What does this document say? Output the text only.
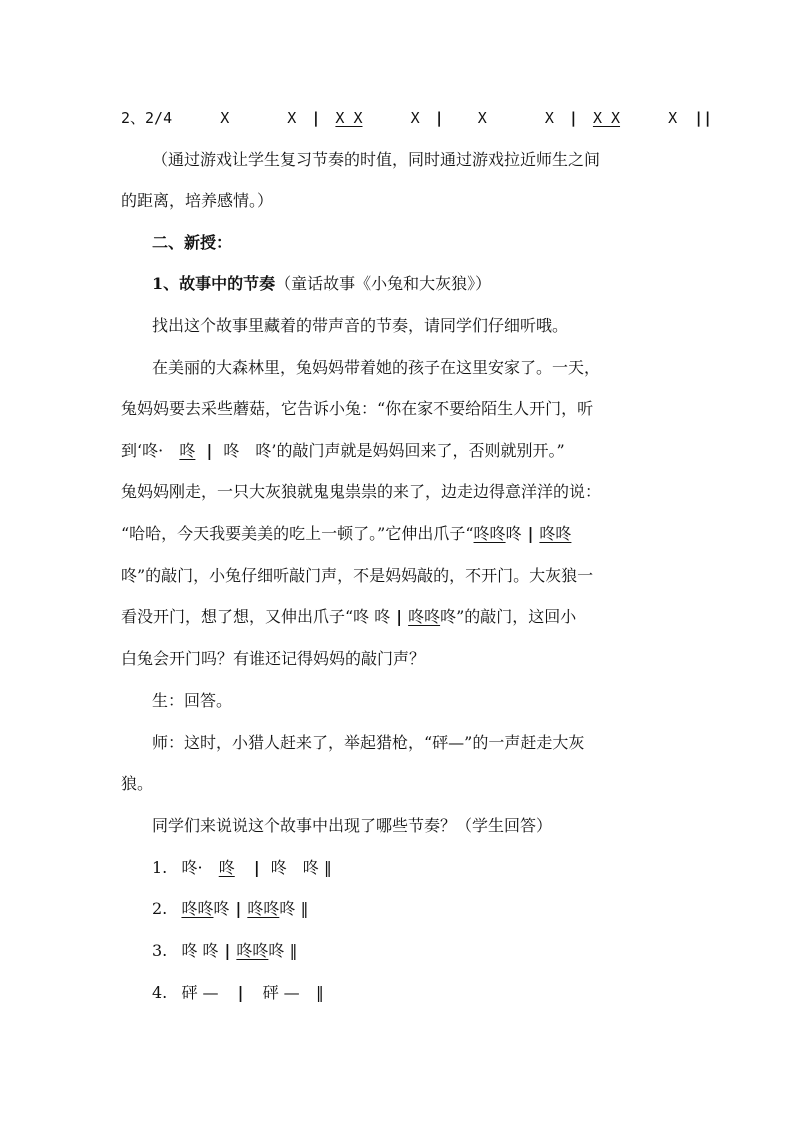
2、2/4	X	X | X X	X | X	X | X X	X ||
（通过游戏让学生复习节奏的时值，同时通过游戏拉近师生之间
的距离，培养感情。）
二、新授：
1、故事中的节奏（童话故事《小兔和大灰狼》）
找出这个故事里藏着的带声音的节奏，请同学们仔细听哦。
在美丽的大森林里，兔妈妈带着她的孩子在这里安家了。一天，
兔妈妈要去采些蘑菇，它告诉小兔：“你在家不要给陌生人开门，听
到‘咚· 咚 | 咚　咚’的敲门声就是妈妈回来了，否则就别开。”
兔妈妈刚走，一只大灰狼就鬼鬼祟祟的来了，边走边得意洋洋的说：
“哈哈，今天我要美美的吃上一顿了。”它伸出爪子“咚咚咚 | 咚咚
咚”的敲门，小兔仔细听敲门声，不是妈妈敲的，不开门。大灰狼一
看没开门，想了想，又伸出爪子“咚 咚 | 咚咚咚”的敲门，这回小
白兔会开门吗？有谁还记得妈妈的敲门声？
生：回答。
师：这时，小猎人赶来了，举起猎枪，“砰—”的一声赶走大灰
狼。
同学们来说说这个故事中出现了哪些节奏？（学生回答）
1. 咚· 咚 | 咚　咚 ‖
2. 咚咚咚 | 咚咚咚 ‖
3. 咚 咚 | 咚咚咚 ‖
4. 砰 — | 砰 — ‖
